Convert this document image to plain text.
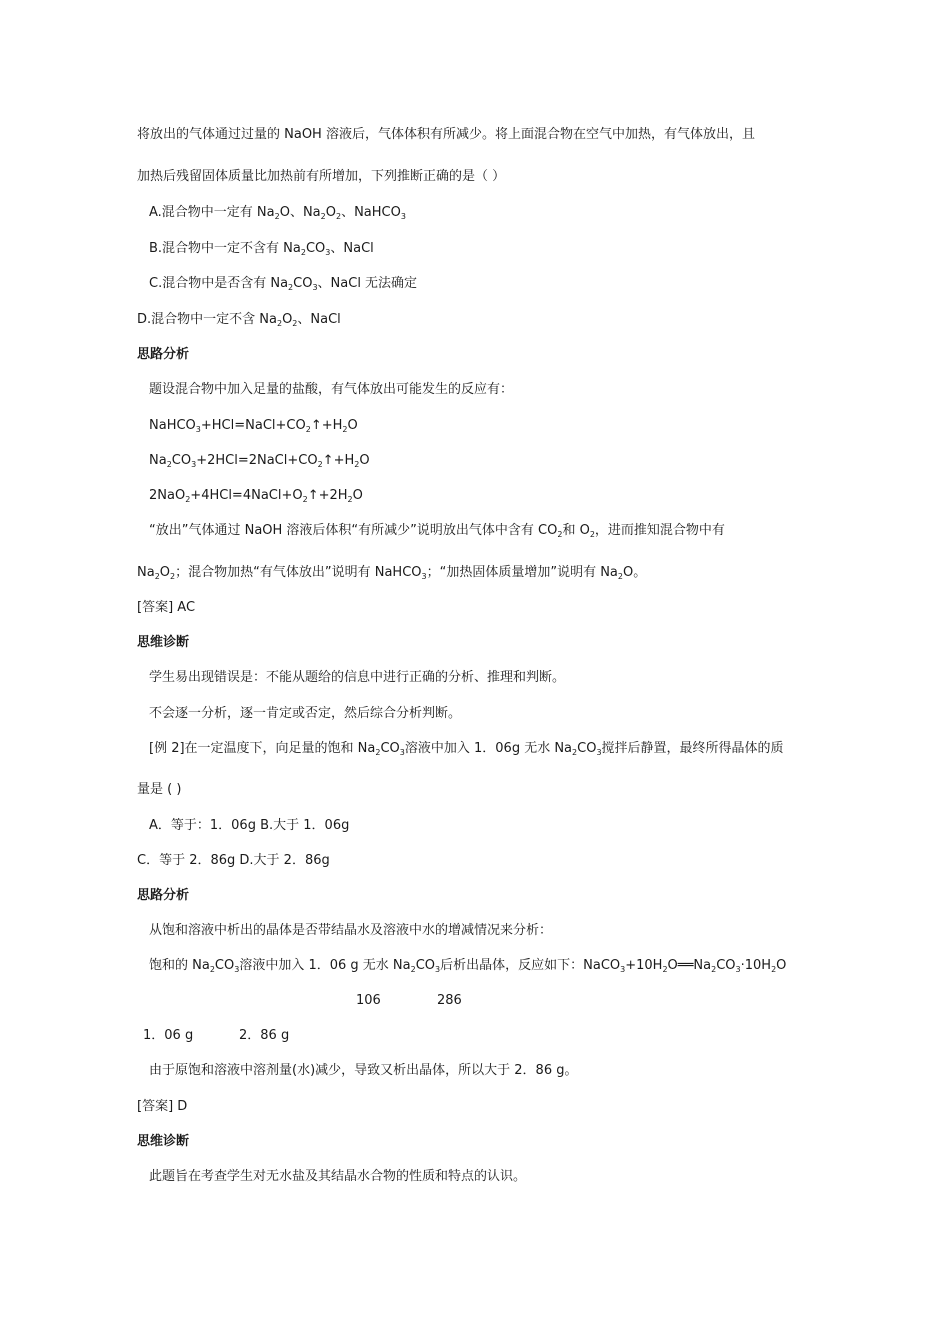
将放出的气体通过过量的 NaOH 溶液后，气体体积有所减少。将上面混合物在空气中加热，有气体放出，且
加热后残留固体质量比加热前有所增加，下列推断正确的是（ ）
A.混合物中一定有 $Na_2O$、$Na_2O_2$、NaHCO$_3$
B.混合物中一定不含有 $Na_2CO_3$、NaCl
C.混合物中是否含有 $Na_2CO_3$、NaCl 无法确定
D.混合物中一定不含 $Na_2O_2$、NaCl
思路分析
题设混合物中加入足量的盐酸，有气体放出可能发生的反应有：
$NaHCO_3+HCl=NaCl+CO_2↑+H_2O$
$Na_2CO_3+2HCl=2NaCl+CO_2↑+H_2O$
$2NaO_2+4HCl=4NaCl+O_2↑+2H_2O$
“放出”气体通过 NaOH 溶液后体积“有所减少”说明放出气体中含有 $CO_2$和 $O_2$，进而推知混合物中有
$Na_2O_2$；混合物加热“有气体放出”说明有 NaHCO$_3$；“加热固体质量增加”说明有 $Na_2O$。
[答案] AC
思维诊断
学生易出现错误是：不能从题给的信息中进行正确的分析、推理和判断。
不会逐一分析，逐一肯定或否定，然后综合分析判断。
[例 2]在一定温度下，向足量的饱和 $Na_2CO_3$溶液中加入 1．06g 无水 $Na_2CO_3$搅拌后静置，最终所得晶体的质
量是 ( )
A．等于：1．06g B.大于 1．06g
C．等于 2．86g D.大于 2．86g
思路分析
从饱和溶液中析出的晶体是否带结晶水及溶液中水的增减情况来分析：
饱和的 $Na_2CO_3$溶液中加入 1．06 g 无水 $Na_2CO_3$后析出晶体，反应如下：$NaCO_3+10H_2O══Na_2CO_3\cdot 10H_2O$
106	286
1．06 g	2．86 g
由于原饱和溶液中溶剂量(水)减少，导致又析出晶体，所以大于 2．86 g。
[答案] D
思维诊断
此题旨在考查学生对无水盐及其结晶水合物的性质和特点的认识。
